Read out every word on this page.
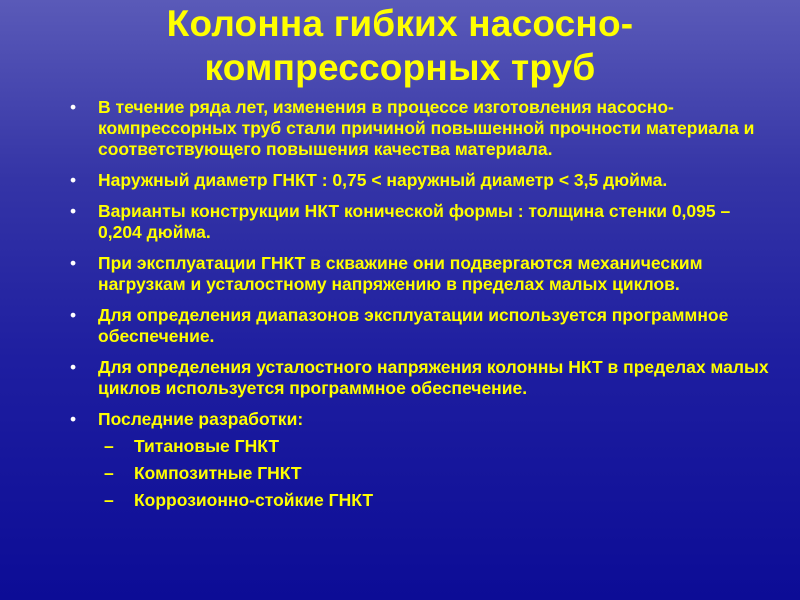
Колонна гибких насосно-
компрессорных труб
•	В течение ряда лет, изменения в процессе изготовления насосно-компрессорных труб стали причиной повышенной прочности материала и соответствующего повышения качества материала.
•	Наружный диаметр ГНКТ : 0,75 < наружный диаметр < 3,5 дюйма.
•	Варианты конструкции НКТ конической формы : толщина стенки 0,095 – 0,204 дюйма.
•	При эксплуатации ГНКТ в скважине они подвергаются механическим нагрузкам и усталостному напряжению в пределах малых циклов.
•	Для определения диапазонов эксплуатации используется программное обеспечение.
•	Для определения усталостного напряжения колонны НКТ в пределах малых циклов используется программное обеспечение.
•	Последние разработки:
– Титановые ГНКТ
– Композитные ГНКТ
– Коррозионно-стойкие ГНКТ
